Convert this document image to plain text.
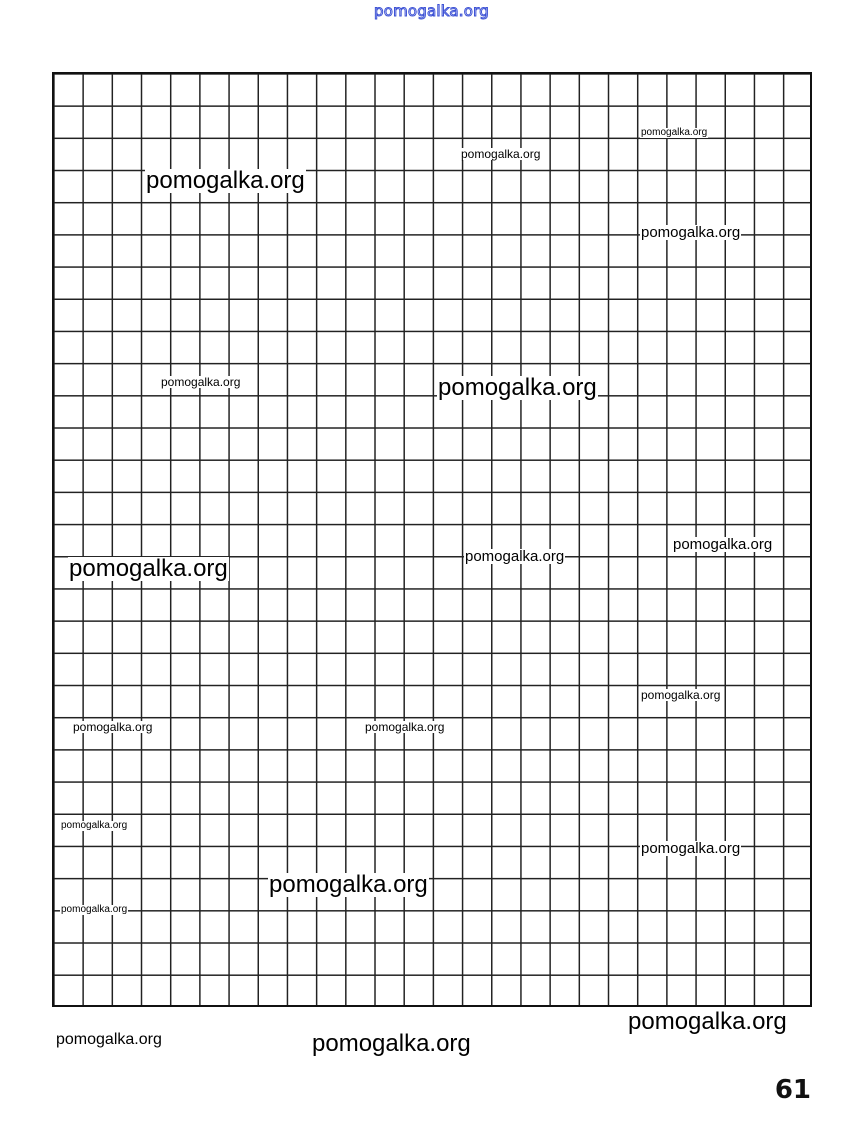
pomogalka.org
pomogalka.org
pomogalka.org
pomogalka.org
pomogalka.org
pomogalka.org	pomogalka.org
pomogalka.org
pomogalka.org
pomogalka.org
pomogalka.org
pomogalka.org	pomogalka.org
pomogalka.org
pomogalka.org
pomogalka.org
pomogalka.org
pomogalka.org
pomogalka.org	pomogalka.org
61
